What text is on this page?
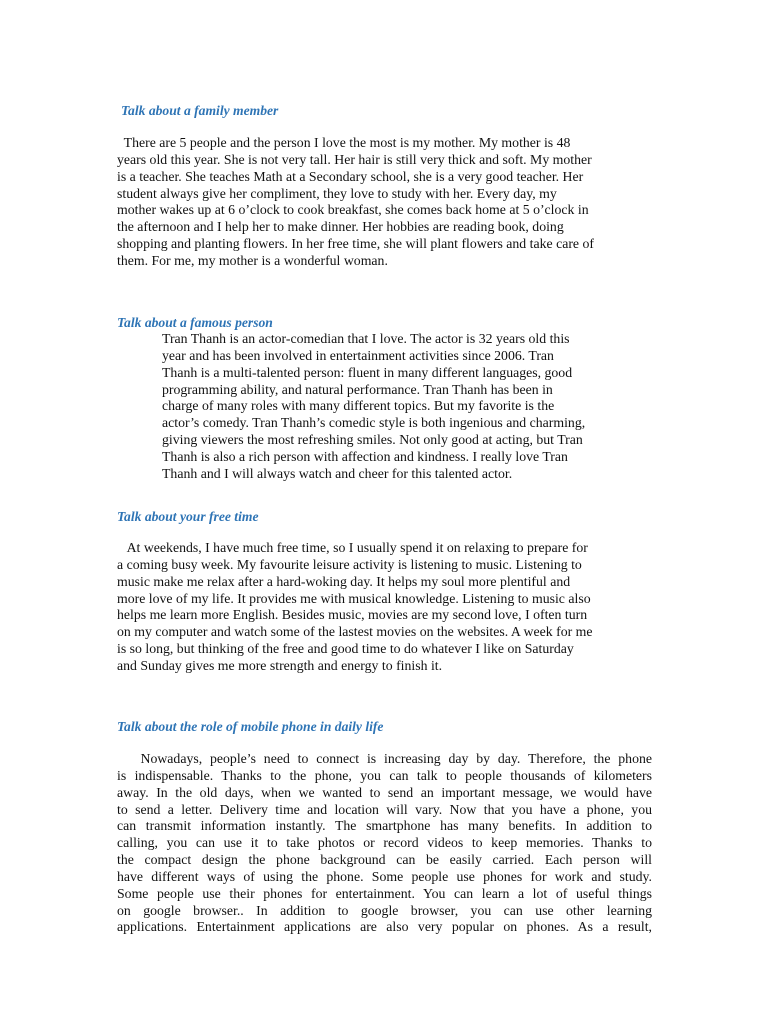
Talk about a family member
There are 5 people and the person I love the most is my mother. My mother is 48
years old this year. She is not very tall. Her hair is still very thick and soft. My mother
is a teacher. She teaches Math at a Secondary school, she is a very good teacher. Her
student always give her compliment, they love to study with her. Every day, my
mother wakes up at 6 o’clock to cook breakfast, she comes back home at 5 o’clock in
the afternoon and I help her to make dinner. Her hobbies are reading book, doing
shopping and planting flowers. In her free time, she will plant flowers and take care of
them. For me, my mother is a wonderful woman.
Talk about a famous person
Tran Thanh is an actor-comedian that I love. The actor is 32 years old this
year and has been involved in entertainment activities since 2006. Tran
Thanh is a multi-talented person: fluent in many different languages, good
programming ability, and natural performance. Tran Thanh has been in
charge of many roles with many different topics. But my favorite is the
actor’s comedy. Tran Thanh’s comedic style is both ingenious and charming,
giving viewers the most refreshing smiles. Not only good at acting, but Tran
Thanh is also a rich person with affection and kindness. I really love Tran
Thanh and I will always watch and cheer for this talented actor.
Talk about your free time
At weekends, I have much free time, so I usually spend it on relaxing to prepare for
a coming busy week. My favourite leisure activity is listening to music. Listening to
music make me relax after a hard-woking day. It helps my soul more plentiful and
more love of my life. It provides me with musical knowledge. Listening to music also
helps me learn more English. Besides music, movies are my second love, I often turn
on my computer and watch some of the lastest movies on the websites. A week for me
is so long, but thinking of the free and good time to do whatever I like on Saturday
and Sunday gives me more strength and energy to finish it.
Talk about the role of mobile phone in daily life
Nowadays, people’s need to connect is increasing day by day. Therefore, the phone
is indispensable. Thanks to the phone, you can talk to people thousands of kilometers
away. In the old days, when we wanted to send an important message, we would have
to send a letter. Delivery time and location will vary. Now that you have a phone, you
can transmit information instantly. The smartphone has many benefits. In addition to
calling, you can use it to take photos or record videos to keep memories. Thanks to
the compact design the phone background can be easily carried. Each person will
have different ways of using the phone. Some people use phones for work and study.
Some people use their phones for entertainment. You can learn a lot of useful things
on google browser.. In addition to google browser, you can use other learning
applications. Entertainment applications are also very popular on phones. As a result,
